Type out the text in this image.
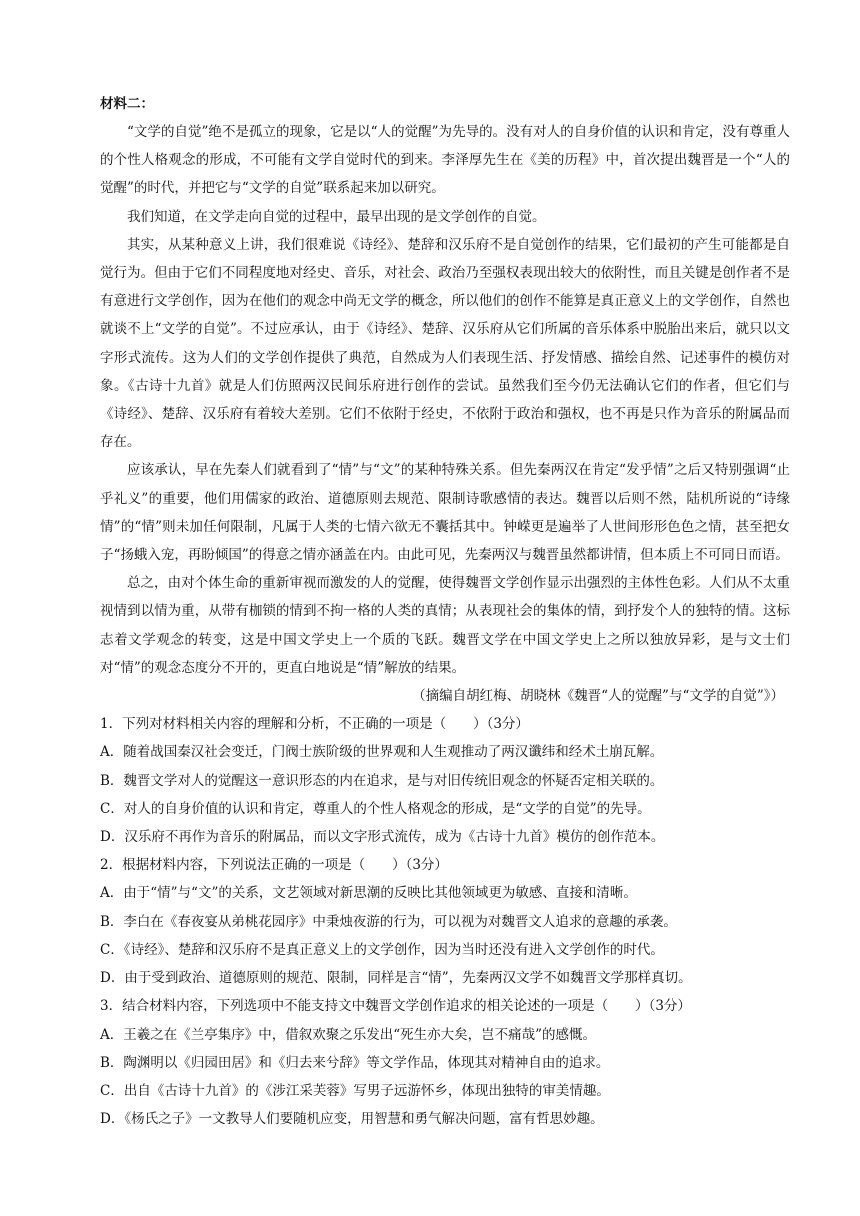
材料二：

“文学的自觉”绝不是孤立的现象，它是以“人的觉醒”为先导的。没有对人的自身价值的认识和肯定，没有尊重人的个性人格观念的形成，不可能有文学自觉时代的到来。李泽厚先生在《美的历程》中，首次提出魏晋是一个“人的觉醒”的时代，并把它与“文学的自觉”联系起来加以研究。

我们知道，在文学走向自觉的过程中，最早出现的是文学创作的自觉。

其实，从某种意义上讲，我们很难说《诗经》、楚辞和汉乐府不是自觉创作的结果，它们最初的产生可能都是自觉行为。但由于它们不同程度地对经史、音乐，对社会、政治乃至强权表现出较大的依附性，而且关键是创作者不是有意进行文学创作，因为在他们的观念中尚无文学的概念，所以他们的创作不能算是真正意义上的文学创作，自然也就谈不上“文学的自觉”。不过应承认，由于《诗经》、楚辞、汉乐府从它们所属的音乐体系中脱胎出来后，就只以文字形式流传。这为人们的文学创作提供了典范，自然成为人们表现生活、抒发情感、描绘自然、记述事件的模仿对象。《古诗十九首》就是人们仿照两汉民间乐府进行创作的尝试。虽然我们至今仍无法确认它们的作者，但它们与《诗经》、楚辞、汉乐府有着较大差别。它们不依附于经史，不依附于政治和强权，也不再是只作为音乐的附属品而存在。

应该承认，早在先秦人们就看到了“情”与“文”的某种特殊关系。但先秦两汉在肯定“发乎情”之后又特别强调“止乎礼义”的重要，他们用儒家的政治、道德原则去规范、限制诗歌感情的表达。魏晋以后则不然，陆机所说的“诗缘情”的“情”则未加任何限制，凡属于人类的七情六欲无不囊括其中。钟嵘更是遍举了人世间形形色色之情，甚至把女子“扬蛾入宠，再盼倾国”的得意之情亦涵盖在内。由此可见，先秦两汉与魏晋虽然都讲情，但本质上不可同日而语。

总之，由对个体生命的重新审视而激发的人的觉醒，使得魏晋文学创作显示出强烈的主体性色彩。人们从不太重视情到以情为重，从带有枷锁的情到不拘一格的人类的真情；从表现社会的集体的情，到抒发个人的独特的情。这标志着文学观念的转变，这是中国文学史上一个质的飞跃。魏晋文学在中国文学史上之所以独放异彩，是与文士们对“情”的观念态度分不开的，更直白地说是“情”解放的结果。

（摘编自胡红梅、胡晓林《魏晋“人的觉醒”与“文学的自觉”》）

1．下列对材料相关内容的理解和分析，不正确的一项是（　　）（3分）

A．随着战国秦汉社会变迁，门阀士族阶级的世界观和人生观推动了两汉谶纬和经术土崩瓦解。

B．魏晋文学对人的觉醒这一意识形态的内在追求，是与对旧传统旧观念的怀疑否定相关联的。

C．对人的自身价值的认识和肯定，尊重人的个性人格观念的形成，是“文学的自觉”的先导。

D．汉乐府不再作为音乐的附属品，而以文字形式流传，成为《古诗十九首》模仿的创作范本。

2．根据材料内容，下列说法正确的一项是（　　）（3分）

A．由于“情”与“文”的关系，文艺领域对新思潮的反映比其他领域更为敏感、直接和清晰。

B．李白在《春夜宴从弟桃花园序》中秉烛夜游的行为，可以视为对魏晋文人追求的意趣的承袭。

C．《诗经》、楚辞和汉乐府不是真正意义上的文学创作，因为当时还没有进入文学创作的时代。

D．由于受到政治、道德原则的规范、限制，同样是言“情”，先秦两汉文学不如魏晋文学那样真切。

3．结合材料内容，下列选项中不能支持文中魏晋文学创作追求的相关论述的一项是（　　）（3分）

A．王羲之在《兰亭集序》中，借叙欢聚之乐发出“死生亦大矣，岂不痛哉”的感慨。

B．陶渊明以《归园田居》和《归去来兮辞》等文学作品，体现其对精神自由的追求。

C．出自《古诗十九首》的《涉江采芙蓉》写男子远游怀乡，体现出独特的审美情趣。

D．《杨氏之子》一文教导人们要随机应变，用智慧和勇气解决问题，富有哲思妙趣。
